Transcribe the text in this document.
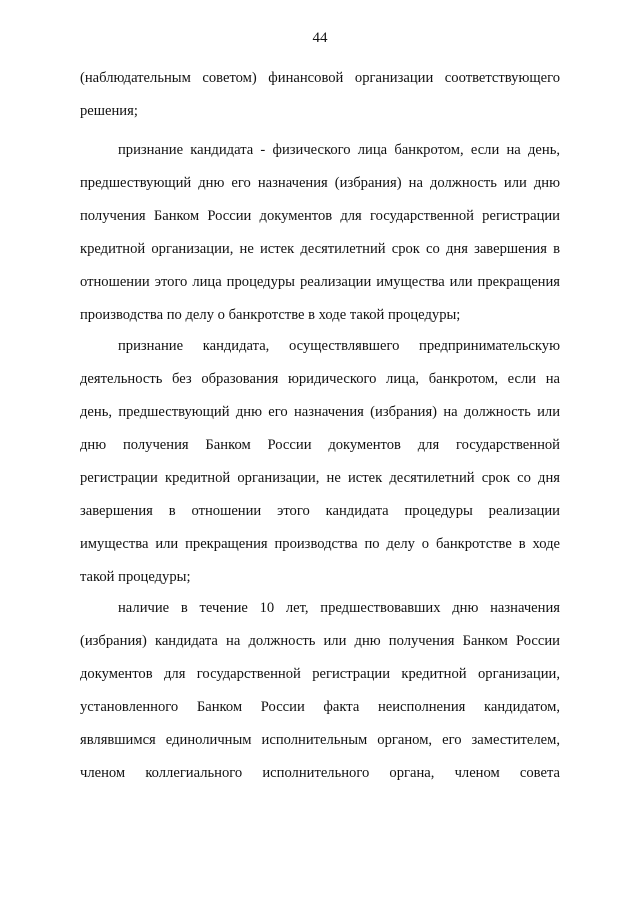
44
(наблюдательным советом) финансовой организации соответствующего
решения;
признание кандидата - физического лица банкротом, если на день,
предшествующий дню его назначения (избрания) на должность или дню
получения Банком России документов для государственной регистрации
кредитной организации, не истек десятилетний срок со дня завершения в
отношении этого лица процедуры реализации имущества или прекращения
производства по делу о банкротстве в ходе такой процедуры;
признание кандидата, осуществлявшего предпринимательскую
деятельность без образования юридического лица, банкротом, если на
день, предшествующий дню его назначения (избрания) на должность или
дню получения Банком России документов для государственной
регистрации кредитной организации, не истек десятилетний срок со дня
завершения в отношении этого кандидата процедуры реализации
имущества или прекращения производства по делу о банкротстве в ходе
такой процедуры;
наличие в течение 10 лет, предшествовавших дню назначения
(избрания) кандидата на должность или дню получения Банком России
документов для государственной регистрации кредитной организации,
установленного Банком России факта неисполнения кандидатом,
являвшимся единоличным исполнительным органом, его заместителем,
членом коллегиального исполнительного органа, членом совета
